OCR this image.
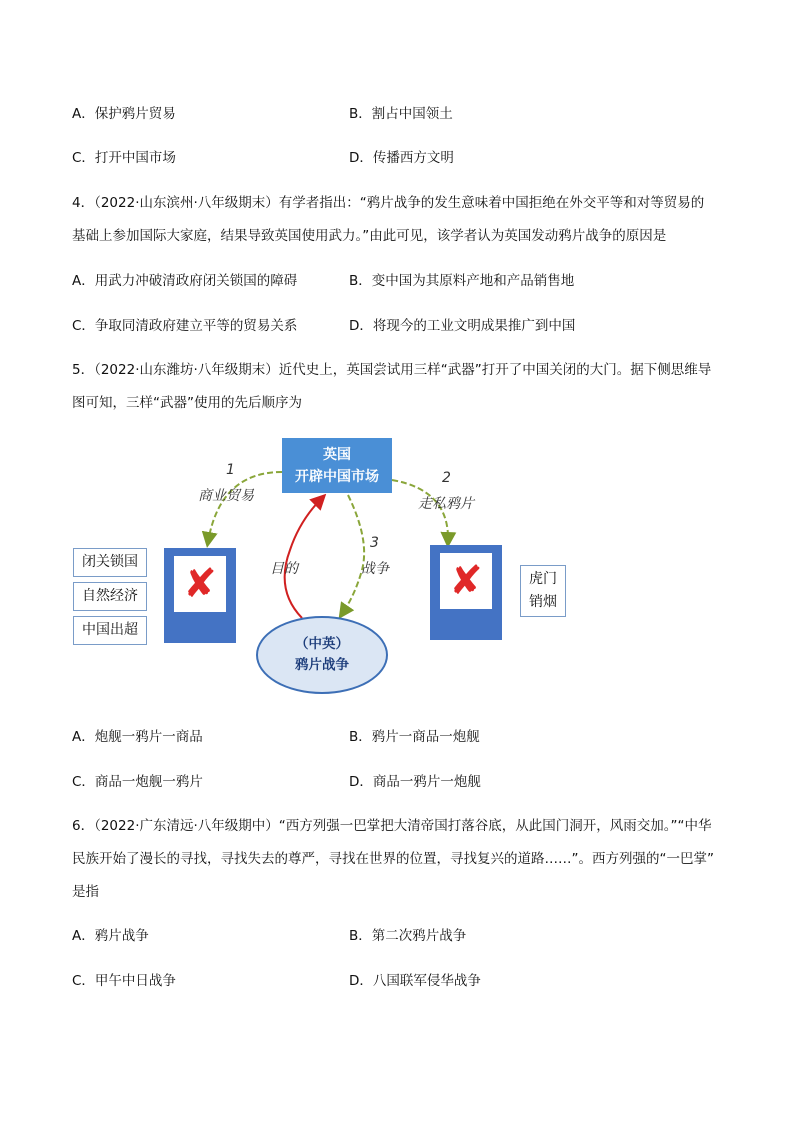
A．保护鸦片贸易	B．割占中国领土
C．打开中国市场	D．传播西方文明
4．（2022·山东滨州·八年级期末）有学者指出：“鸦片战争的发生意味着中国拒绝在外交平等和对等贸易的
基础上参加国际大家庭，结果导致英国使用武力。”由此可见，该学者认为英国发动鸦片战争的原因是
A．用武力冲破清政府闭关锁国的障碍	B．变中国为其原料产地和产品销售地
C．争取同清政府建立平等的贸易关系	D．将现今的工业文明成果推广到中国
5．（2022·山东潍坊·八年级期末）近代史上，英国尝试用三样“武器”打开了中国关闭的大门。据下侧思维导
图可知，三样“武器”使用的先后顺序为
英国
开辟中国市场
1
商业贸易
2
走私鸦片
3
战争
目的
✘
闭关锁国
自然经济
中国出超
✘	虎门
销烟
（中英）
鸦片战争
A．炮舰一鸦片一商品	B．鸦片一商品一炮舰
C．商品一炮舰一鸦片	D．商品一鸦片一炮舰
6．（2022·广东清远·八年级期中）“西方列强一巴掌把大清帝国打落谷底，从此国门洞开，风雨交加。”“中华
民族开始了漫长的寻找，寻找失去的尊严，寻找在世界的位置，寻找复兴的道路……”。西方列强的“一巴掌”
是指
A．鸦片战争	B．第二次鸦片战争
C．甲午中日战争	D．八国联军侵华战争
